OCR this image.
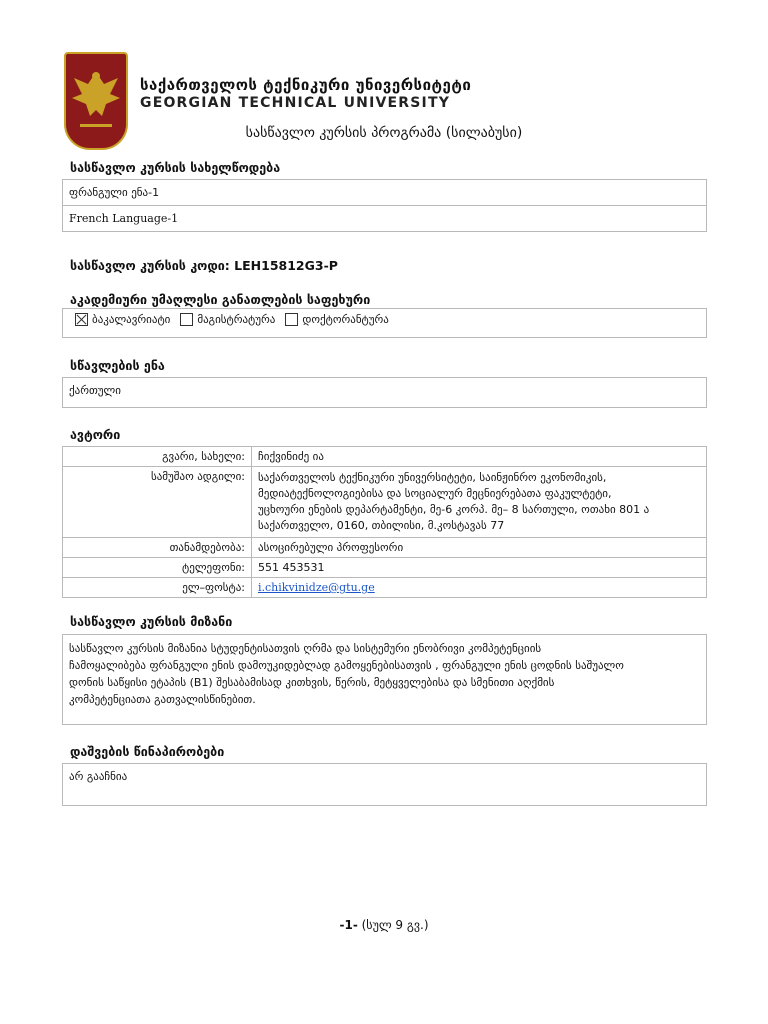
საქართველოს ტექნიკური უნივერსიტეტი
GEORGIAN TECHNICAL UNIVERSITY
სასწავლო კურსის პროგრამა (სილაბუსი)
სასწავლო კურსის სახელწოდება
ფრანგული ენა-1
French Language-1
სასწავლო კურსის კოდი: LEH15812G3-P
აკადემიური უმაღლესი განათლების საფეხური
ბაკალავრიატი მაგისტრატურა დოქტორანტურა
სწავლების ენა
ქართული
ავტორი
გვარი, სახელი:	ჩიქვინიძე ია
სამუშაო ადგილი:	საქართველოს ტექნიკური უნივერსიტეტი, საინჟინრო ეკონომიკის,
მედიატექნოლოგიებისა და სოციალურ მეცნიერებათა ფაკულტეტი,
უცხოური ენების დეპარტამენტი, მე-6 კორპ. მე– 8 სართული, ოთახი 801 ა
საქართველო, 0160, თბილისი, მ.კოსტავას 77

თანამდებობა:	ასოცირებული პროფესორი
ტელეფონი:	551 453531
ელ–ფოსტა:	i.chikvinidze@gtu.ge
სასწავლო კურსის მიზანი
სასწავლო კურსის მიზანია სტუდენტისათვის ღრმა და სისტემური ენობრივი კომპეტენციის
ჩამოყალიბება ფრანგული ენის დამოუკიდებლად გამოყენებისათვის , ფრანგული ენის ცოდნის საშუალო
დონის საწყისი ეტაპის (B1) შესაბამისად კითხვის, წერის, მეტყველებისა და სმენითი აღქმის
კომპეტენციათა გათვალისწინებით.
დაშვების წინაპირობები
არ გააჩნია
-1- (სულ 9 გვ.)
